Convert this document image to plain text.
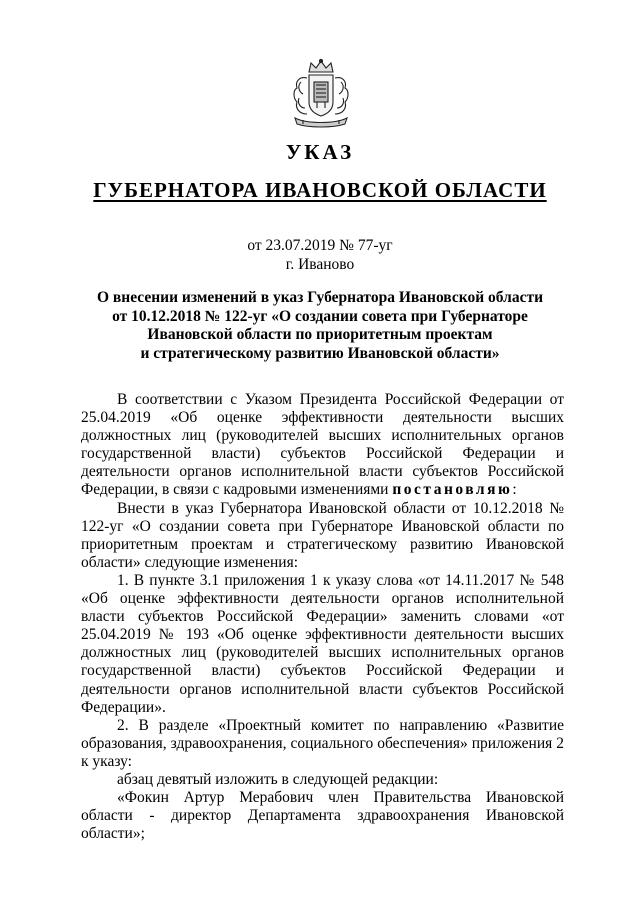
УКАЗ
ГУБЕРНАТОРА ИВАНОВСКОЙ ОБЛАСТИ
от 23.07.2019 № 77-уг
г. Иваново
О внесении изменений в указ Губернатора Ивановской области
от 10.12.2018 № 122-уг «О создании совета при Губернаторе
Ивановской области по приоритетным проектам
и стратегическому развитию Ивановской области»

В соответствии с Указом Президента Российской Федерации от 25.04.2019 «Об оценке эффективности деятельности высших должностных лиц (руководителей высших исполнительных органов государственной власти) субъектов Российской Федерации и деятельности органов исполнительной власти субъектов Российской Федерации, в связи с кадровыми изменениями постановляю:

Внести в указ Губернатора Ивановской области от 10.12.2018 № 122-уг «О создании совета при Губернаторе Ивановской области по приоритетным проектам и стратегическому развитию Ивановской области» следующие изменения:

1. В пункте 3.1 приложения 1 к указу слова «от 14.11.2017 № 548 «Об оценке эффективности деятельности органов исполнительной власти субъектов Российской Федерации» заменить словами «от 25.04.2019 № 193 «Об оценке эффективности деятельности высших должностных лиц (руководителей высших исполнительных органов государственной власти) субъектов Российской Федерации и деятельности органов исполнительной власти субъектов Российской Федерации».

2. В разделе «Проектный комитет по направлению «Развитие образования, здравоохранения, социального обеспечения» приложения 2 к указу:

абзац девятый изложить в следующей редакции:

«Фокин Артур Мерабович член Правительства Ивановской области - директор Департамента здравоохранения Ивановской области»;
